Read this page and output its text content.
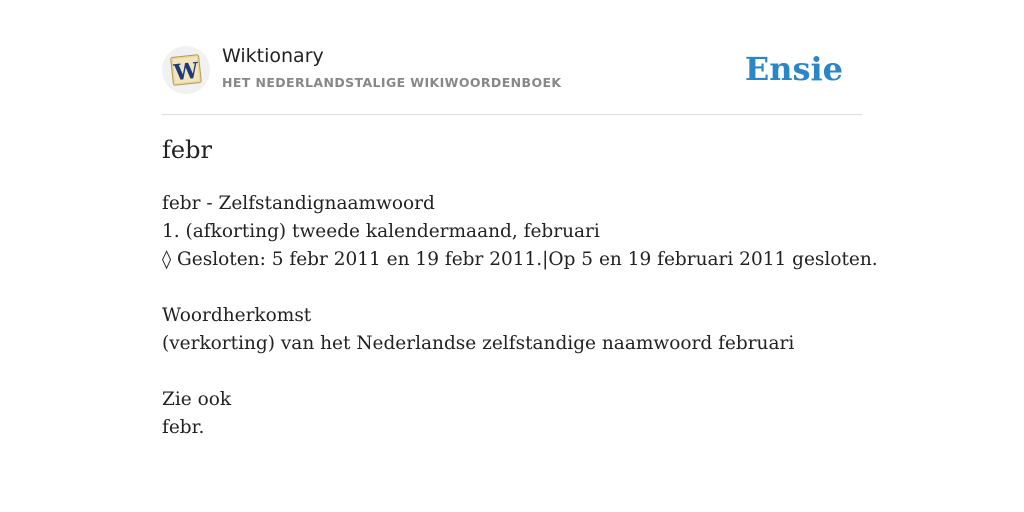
W
Wiktionary
HET NEDERLANDSTALIGE WIKIWOORDENBOEK	Ensie
febr
febr - Zelfstandignaamwoord
1. (afkorting) tweede kalendermaand, februari
◊ Gesloten: 5 febr 2011 en 19 febr 2011.|Op 5 en 19 februari 2011 gesloten.
Woordherkomst
(verkorting) van het Nederlandse zelfstandige naamwoord februari
Zie ook
febr.
